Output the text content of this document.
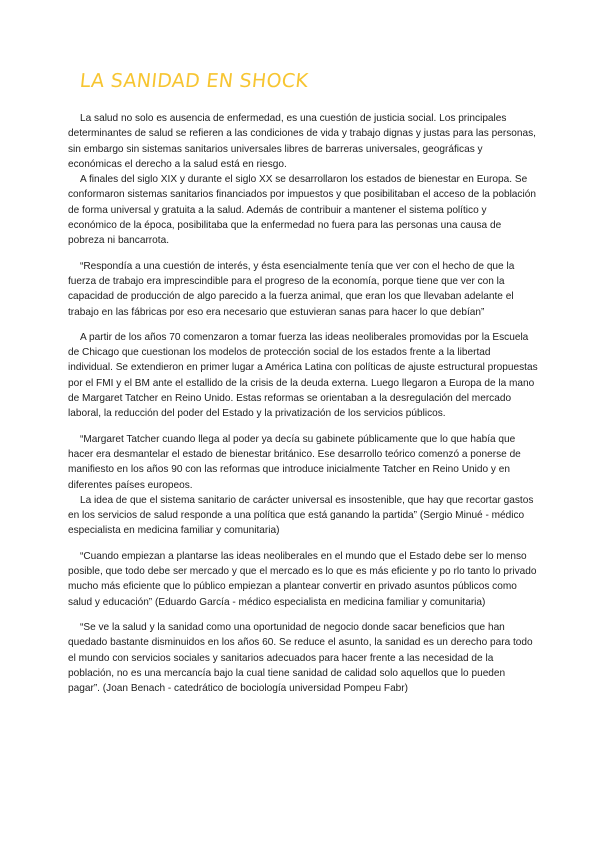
LA SANIDAD EN SHOCK

La salud no solo es ausencia de enfermedad, es una cuestión de justicia social. Los principales determinantes de salud se refieren a las condiciones de vida y trabajo dignas y justas para las personas, sin embargo sin sistemas sanitarios universales libres de barreras universales, geográficas y económicas el derecho a la salud está en riesgo.

A finales del siglo XIX y durante el siglo XX se desarrollaron los estados de bienestar en Europa. Se conformaron sistemas sanitarios financiados por impuestos y que posibilitaban el acceso de la población de forma universal y gratuita a la salud. Además de contribuir a mantener el sistema político y económico de la época, posibilitaba que la enfermedad no fuera para las personas una causa de pobreza ni bancarrota.

“Respondía a una cuestión de interés, y ésta esencialmente tenía que ver con el hecho de que la fuerza de trabajo era imprescindible para el progreso de la economía, porque tiene que ver con la capacidad de producción de algo parecido a la fuerza animal, que eran los que llevaban adelante el trabajo en las fábricas por eso era necesario que estuvieran sanas para hacer lo que debían”

A partir de los años 70 comenzaron a tomar fuerza las ideas neoliberales promovidas por la Escuela de Chicago que cuestionan los modelos de protección social de los estados frente a la libertad individual. Se extendieron en primer lugar a América Latina con políticas de ajuste estructural propuestas por el FMI y el BM ante el estallido de la crisis de la deuda externa. Luego llegaron a Europa de la mano de Margaret Tatcher en Reino Unido. Estas reformas se orientaban a la desregulación del mercado laboral, la reducción del poder del Estado y la privatización de los servicios públicos.

“Margaret Tatcher cuando llega al poder ya decía su gabinete públicamente que lo que había que hacer era desmantelar el estado de bienestar británico. Ese desarrollo teórico comenzó a ponerse de manifiesto en los años 90 con las reformas que introduce inicialmente Tatcher en Reino Unido y en diferentes países europeos.

La idea de que el sistema sanitario de carácter universal es insostenible, que hay que recortar gastos en los servicios de salud responde a una política que está ganando la partida” (Sergio Minué - médico especialista en medicina familiar y comunitaria)

“Cuando empiezan a plantarse las ideas neoliberales en el mundo que el Estado debe ser lo menso posible, que todo debe ser mercado y que el mercado es lo que es más eficiente y po rlo tanto lo privado mucho más eficiente que lo público empiezan a plantear convertir en privado asuntos públicos como salud y educación” (Eduardo García - médico especialista en medicina familiar y comunitaria)

“Se ve la salud y la sanidad como una oportunidad de negocio donde sacar beneficios que han quedado bastante disminuidos en los años 60. Se reduce el asunto, la sanidad es un derecho para todo el mundo con servicios sociales y sanitarios adecuados para hacer frente a las necesidad de la población, no es una mercancía bajo la cual tiene sanidad de calidad solo aquellos que lo pueden pagar”. (Joan Benach - catedrático de bociología universidad Pompeu Fabr)
